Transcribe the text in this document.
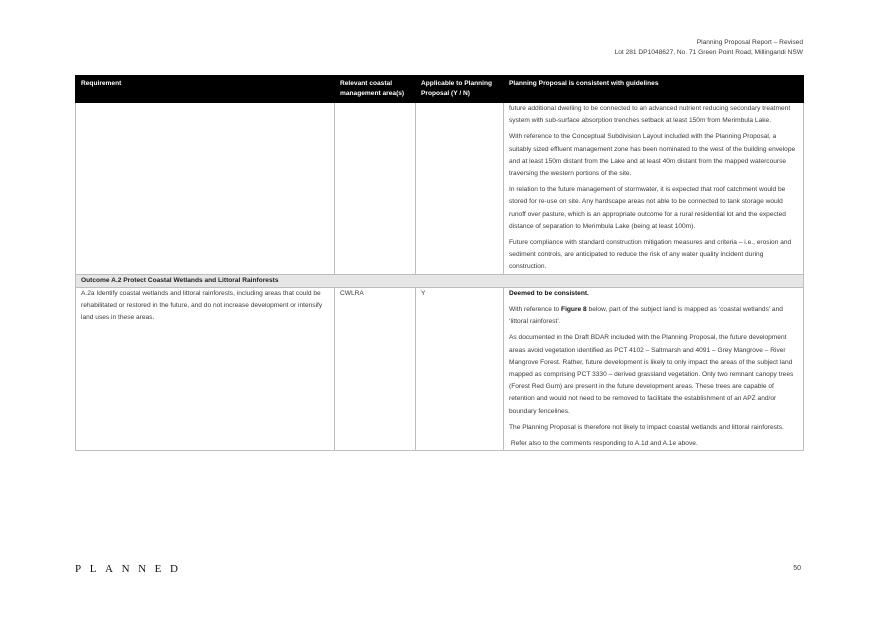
Planning Proposal Report – Revised
Lot 281 DP1048627, No. 71 Green Point Road, Millingandi NSW
Requirement	Relevant coastal management area(s)	Applicable to Planning Proposal (Y / N)	Planning Proposal is consistent with guidelines

			future additional dwelling to be connected to an advanced nutrient reducing secondary treatment system with sub-surface absorption trenches setback at least 150m from Merimbula Lake.
With reference to the Conceptual Subdivision Layout included with the Planning Proposal, a suitably sized effluent management zone has been nominated to the west of the building envelope and at least 150m distant from the Lake and at least 40m distant from the mapped watercourse traversing the western portions of the site.
In relation to the future management of stormwater, it is expected that roof catchment would be stored for re-use on site. Any hardscape areas not able to be connected to tank storage would runoff over pasture, which is an appropriate outcome for a rural residential lot and the expected distance of separation to Merimbula Lake (being at least 100m).
Future compliance with standard construction mitigation measures and criteria – i.e., erosion and sediment controls, are anticipated to reduce the risk of any water quality incident during construction.

Outcome A.2 Protect Coastal Wetlands and Littoral Rainforests			
A.2a Identify coastal wetlands and littoral rainforests, including areas that could be rehabilitated or restored in the future, and do not increase development or intensify land uses in these areas.	CWLRA	Y	Deemed to be consistent.
With reference to Figure 8 below, part of the subject land is mapped as ‘coastal wetlands’ and ‘littoral rainforest’.
As documented in the Draft BDAR included with the Planning Proposal, the future development areas avoid vegetation identified as PCT 4102 – Saltmarsh and 4091 – Grey Mangrove – River Mangrove Forest. Rather, future development is likely to only impact the areas of the subject land mapped as comprising PCT 3330 – derived grassland vegetation. Only two remnant canopy trees (Forest Red Gum) are present in the future development areas. These trees are capable of retention and would not need to be removed to facilitate the establishment of an APZ and/or boundary fencelines.
The Planning Proposal is therefore not likely to impact coastal wetlands and littoral rainforests.
Refer also to the comments responding to A.1d and A.1e above.
PLANNED	50
